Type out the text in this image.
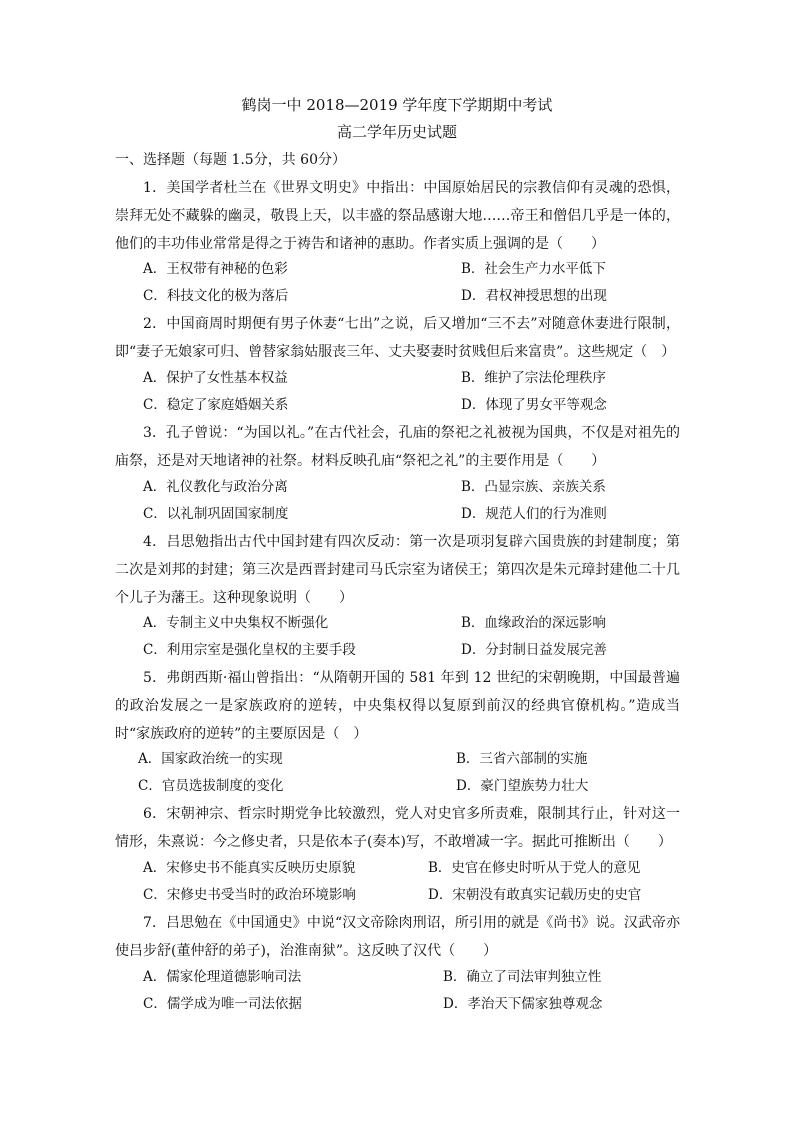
鹤岗一中 2018—2019 学年度下学期期中考试
高二学年历史试题
一、选择题（每题 1.5分，共 60分）
1．美国学者杜兰在《世界文明史》中指出：中国原始居民的宗教信仰有灵魂的恐惧，崇拜无处不藏躲的幽灵，敬畏上天，以丰盛的祭品感谢大地……帝王和僧侣几乎是一体的，他们的丰功伟业常常是得之于祷告和诸神的惠助。作者实质上强调的是（　　）
A．王权带有神秘的色彩	B．社会生产力水平低下
C．科技文化的极为落后	D．君权神授思想的出现
2．中国商周时期便有男子休妻“七出”之说，后又增加“三不去”对随意休妻进行限制，即“妻子无娘家可归、曾替家翁姑服丧三年、丈夫娶妻时贫贱但后来富贵”。这些规定（　）
A．保护了女性基本权益	B．维护了宗法伦理秩序
C．稳定了家庭婚姻关系	D．体现了男女平等观念
3．孔子曾说：“为国以礼。”在古代社会，孔庙的祭祀之礼被视为国典，不仅是对祖先的庙祭，还是对天地诸神的社祭。材料反映孔庙“祭祀之礼”的主要作用是（　　）
A．礼仪教化与政治分离	B．凸显宗族、亲族关系
C．以礼制巩固国家制度	D．规范人们的行为准则
4．吕思勉指出古代中国封建有四次反动：第一次是项羽复辟六国贵族的封建制度；第二次是刘邦的封建；第三次是西晋封建司马氏宗室为诸侯王；第四次是朱元璋封建他二十几个儿子为藩王。这种现象说明（　　）
A．专制主义中央集权不断强化	B．血缘政治的深远影响
C．利用宗室是强化皇权的主要手段	D．分封制日益发展完善
5．弗朗西斯·福山曾指出：“从隋朝开国的 581 年到 12 世纪的宋朝晚期，中国最普遍的政治发展之一是家族政府的逆转，中央集权得以复原到前汉的经典官僚机构。”造成当时“家族政府的逆转”的主要原因是（　）
A．国家政治统一的实现	B．三省六部制的实施
C．官员选拔制度的变化	D．豪门望族势力壮大
6．宋朝神宗、哲宗时期党争比较激烈，党人对史官多所责难，限制其行止，针对这一情形，朱熹说：今之修史者，只是依本子(奏本)写，不敢增减一字。据此可推断出（　　）
A．宋修史书不能真实反映历史原貌	B．史官在修史时听从于党人的意见
C．宋修史书受当时的政治环境影响	D．宋朝没有敢真实记载历史的史官
7．吕思勉在《中国通史》中说“汉文帝除肉刑诏，所引用的就是《尚书》说。汉武帝亦使吕步舒(董仲舒的弟子)，治淮南狱”。这反映了汉代（　　）
A．儒家伦理道德影响司法	B．确立了司法审判独立性
C．儒学成为唯一司法依据	D．孝治天下儒家独尊观念
